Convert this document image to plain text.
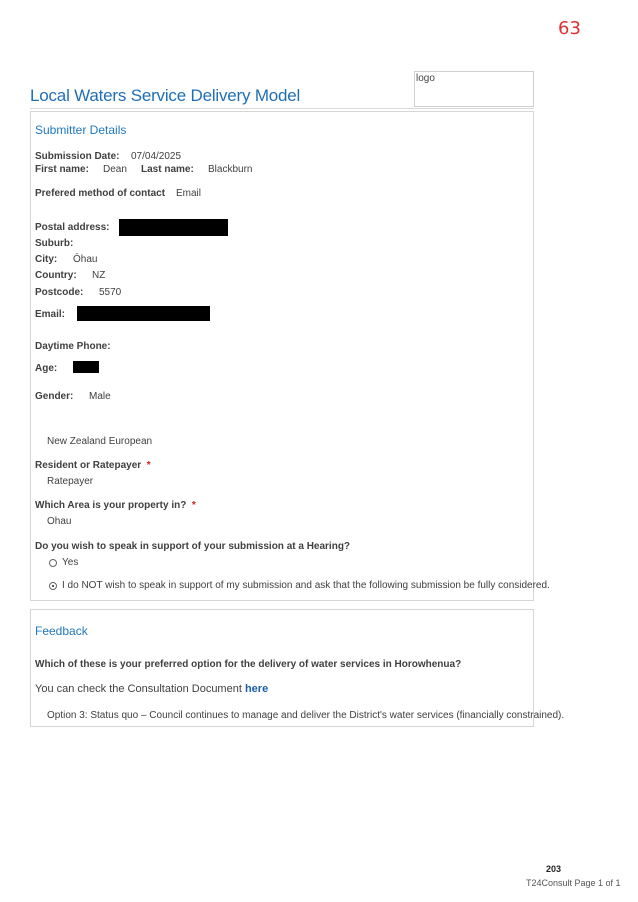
63
logo
Local Waters Service Delivery Model
Submitter Details
Submission Date: 07/04/2025
First name: Dean Last name: Blackburn
Prefered method of contact Email
Postal address:
Suburb:
City: Ōhau
Country: NZ
Postcode: 5570
Email:
Daytime Phone:
Age:
Gender: Male
New Zealand European
Resident or Ratepayer *
Ratepayer
Which Area is your property in? *
Ohau
Do you wish to speak in support of your submission at a Hearing?
Yes
I do NOT wish to speak in support of my submission and ask that the following submission be fully considered.
Feedback
Which of these is your preferred option for the delivery of water services in Horowhenua?
You can check the Consultation Document here
Option 3: Status quo – Council continues to manage and deliver the District's water services (financially constrained).
203
T24Consult Page 1 of 1
